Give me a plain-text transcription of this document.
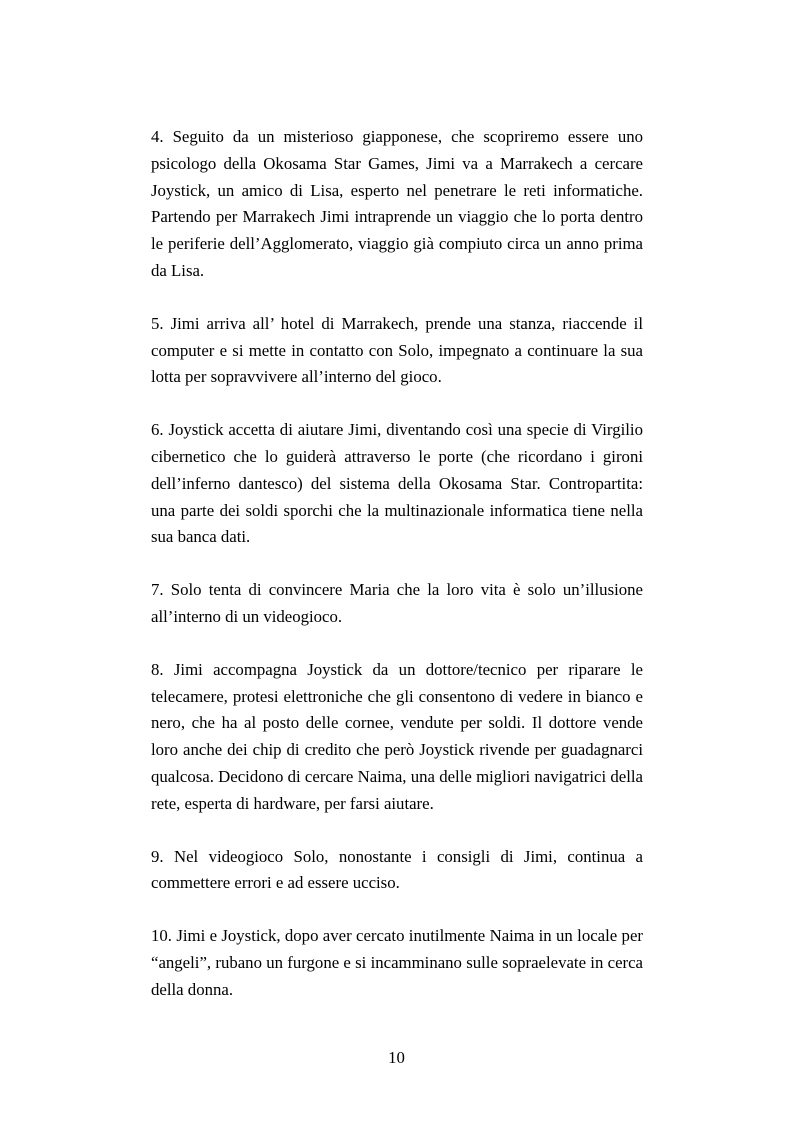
4. Seguito da un misterioso giapponese, che scopriremo essere uno psicologo della Okosama Star Games, Jimi va a Marrakech a cercare Joystick, un amico di Lisa, esperto nel penetrare le reti informatiche. Partendo per Marrakech Jimi intraprende un viaggio che lo porta dentro le periferie dell’Agglomerato, viaggio già compiuto circa un anno prima da Lisa.

5. Jimi arriva all’ hotel di Marrakech, prende una stanza, riaccende il computer e si mette in contatto con Solo, impegnato a continuare la sua lotta per sopravvivere all’interno del gioco.

6. Joystick accetta di aiutare Jimi, diventando così una specie di Virgilio cibernetico che lo guiderà attraverso le porte (che ricordano i gironi dell’inferno dantesco) del sistema della Okosama Star. Contropartita: una parte dei soldi sporchi che la multinazionale informatica tiene nella sua banca dati.

7. Solo tenta di convincere Maria che la loro vita è solo un’illusione all’interno di un videogioco.

8. Jimi accompagna Joystick da un dottore/tecnico per riparare le telecamere, protesi elettroniche che gli consentono di vedere in bianco e nero, che ha al posto delle cornee, vendute per soldi. Il dottore vende loro anche dei chip di credito che però Joystick rivende per guadagnarci qualcosa. Decidono di cercare Naima, una delle migliori navigatrici della rete, esperta di hardware, per farsi aiutare.

9. Nel videogioco Solo, nonostante i consigli di Jimi, continua a commettere errori e ad essere ucciso.

10. Jimi e Joystick, dopo aver cercato inutilmente Naima in un locale per “angeli”, rubano un furgone e si incamminano sulle sopraelevate in cerca della donna.

10
